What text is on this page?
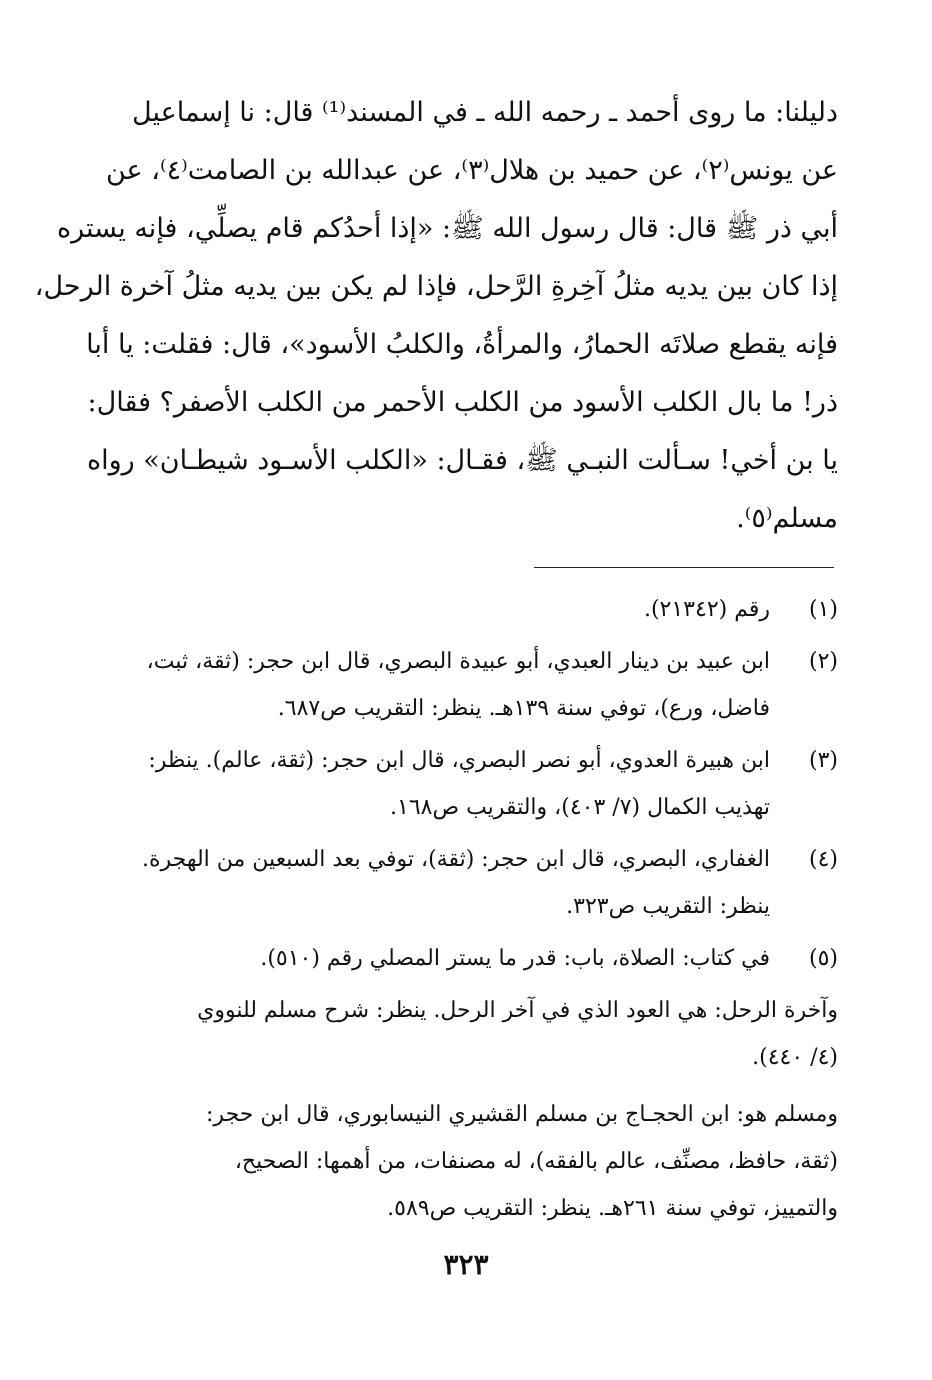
دليلنا: ما روى أحمد ـ رحمه الله ـ في المسند⁽¹⁾ قال: نا إسماعيل
عن يونس⁽٢⁾، عن حميد بن هلال⁽٣⁾، عن عبدالله بن الصامت⁽٤⁾، عن
أبي ذر ﷺ قال: قال رسول الله ﷺ: «إذا أحدُكم قام يصلِّي، فإنه يستره
إذا كان بين يديه مثلُ آخِرةِ الرَّحل، فإذا لم يكن بين يديه مثلُ آخرة الرحل،
فإنه يقطع صلاتَه الحمارُ، والمرأةُ، والكلبُ الأسود»، قال: فقلت: يا أبا
ذر! ما بال الكلب الأسود من الكلب الأحمر من الكلب الأصفر؟ فقال:
يا بن أخي! سـألت النبـي ﷺ، فقـال: «الكلب الأسـود شيطـان» رواه
مسلم⁽٥⁾.
(١)
رقم (٢١٣٤٢).
(٢)
ابن عبيد بن دينار العبدي، أبو عبيدة البصري، قال ابن حجر: (ثقة، ثبت،
فاضل، ورع)، توفي سنة ١٣٩هـ. ينظر: التقريب ص٦٨٧.
(٣)
ابن هبيرة العدوي، أبو نصر البصري، قال ابن حجر: (ثقة، عالم). ينظر:
تهذيب الكمال (٧/ ٤٠٣)، والتقريب ص١٦٨.
(٤)
الغفاري، البصري، قال ابن حجر: (ثقة)، توفي بعد السبعين من الهجرة.
ينظر: التقريب ص٣٢٣.
(٥)
في كتاب: الصلاة، باب: قدر ما يستر المصلي رقم (٥١٠).
وآخرة الرحل: هي العود الذي في آخر الرحل. ينظر: شرح مسلم للنووي
(٤/ ٤٤٠).
ومسلم هو: ابن الحجـاج بن مسلم القشيري النيسابوري، قال ابن حجر:
(ثقة، حافظ، مصنِّف، عالم بالفقه)، له مصنفات، من أهمها: الصحيح،
والتمييز، توفي سنة ٢٦١هـ. ينظر: التقريب ص٥٨٩.
٣٢٣
